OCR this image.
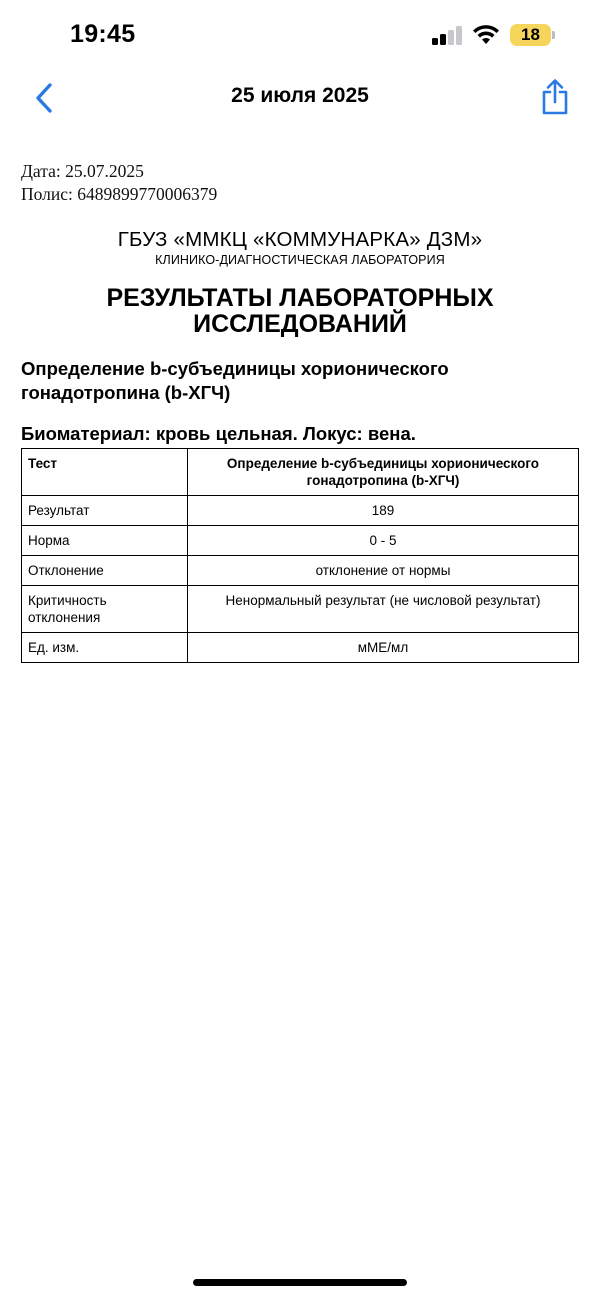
19:45	18
25 июля 2025
Дата: 25.07.2025
Полис: 6489899770006379
ГБУЗ «ММКЦ «КОММУНАРКА» ДЗМ»
КЛИНИКО-ДИАГНОСТИЧЕСКАЯ ЛАБОРАТОРИЯ
РЕЗУЛЬТАТЫ ЛАБОРАТОРНЫХ
ИССЛЕДОВАНИЙ
Определение b-субъединицы хорионического гонадотропина (b-ХГЧ)
Биоматериал: кровь цельная. Локус: вена.
Тест	Определение b-субъединицы хорионического гонадотропина (b-ХГЧ)
Результат	189
Норма	0 - 5
Отклонение	отклонение от нормы
Критичность отклонения	Ненормальный результат (не числовой результат)
Ед. изм.	мМЕ/мл
